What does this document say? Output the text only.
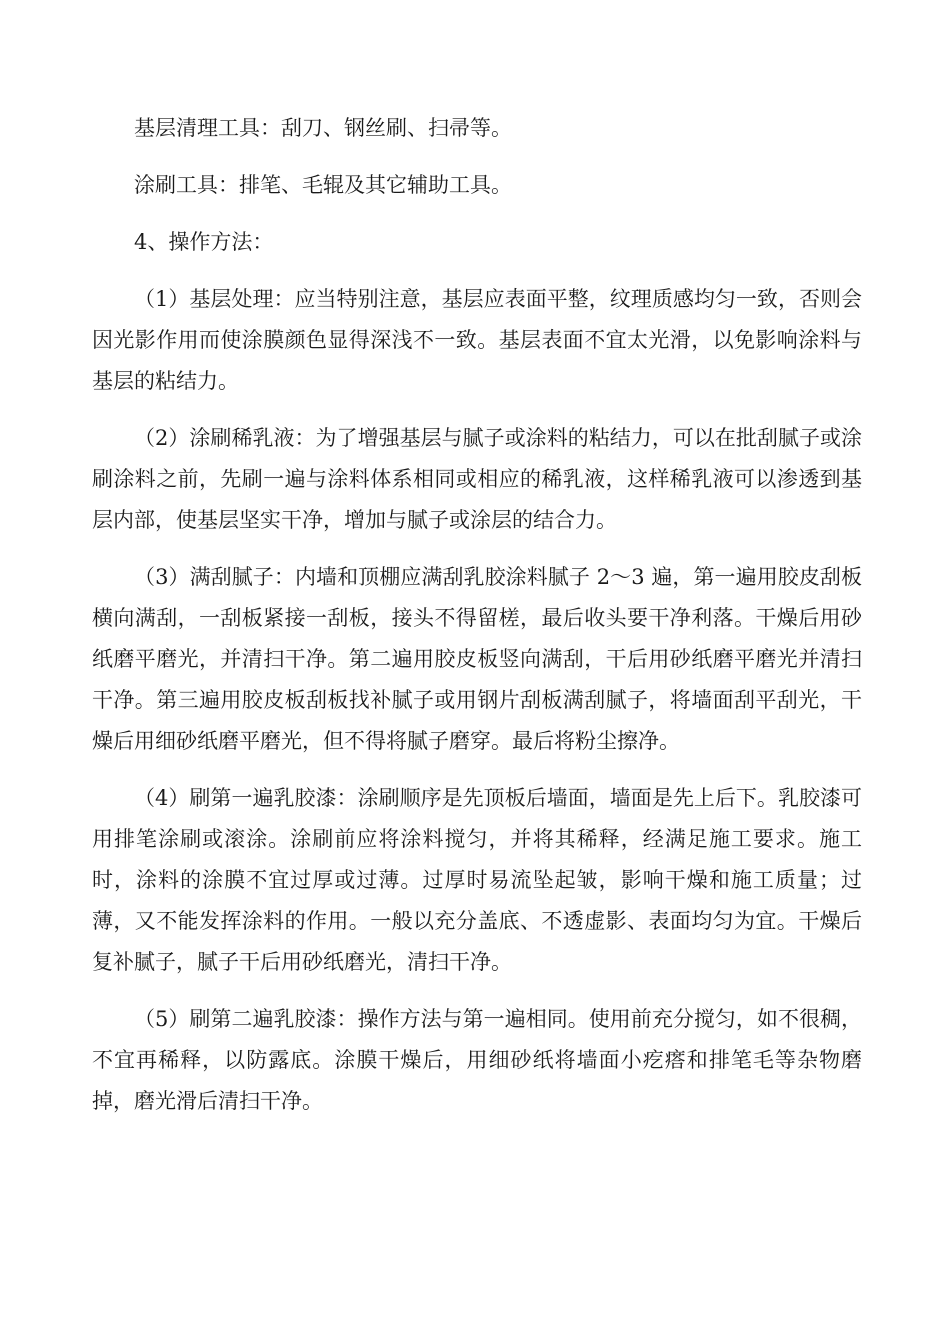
基层清理工具：刮刀、钢丝刷、扫帚等。

涂刷工具：排笔、毛辊及其它辅助工具。

4、操作方法：

（1）基层处理：应当特别注意，基层应表面平整，纹理质感均匀一致，否则会因光影作用而使涂膜颜色显得深浅不一致。基层表面不宜太光滑，以免影响涂料与基层的粘结力。

（2）涂刷稀乳液：为了增强基层与腻子或涂料的粘结力，可以在批刮腻子或涂刷涂料之前，先刷一遍与涂料体系相同或相应的稀乳液，这样稀乳液可以渗透到基层内部，使基层坚实干净，增加与腻子或涂层的结合力。

（3）满刮腻子：内墙和顶棚应满刮乳胶涂料腻子 2～3 遍，第一遍用胶皮刮板横向满刮，一刮板紧接一刮板，接头不得留槎，最后收头要干净利落。干燥后用砂纸磨平磨光，并清扫干净。第二遍用胶皮板竖向满刮，干后用砂纸磨平磨光并清扫干净。第三遍用胶皮板刮板找补腻子或用钢片刮板满刮腻子，将墙面刮平刮光，干燥后用细砂纸磨平磨光，但不得将腻子磨穿。最后将粉尘擦净。

（4）刷第一遍乳胶漆：涂刷顺序是先顶板后墙面，墙面是先上后下。乳胶漆可用排笔涂刷或滚涂。涂刷前应将涂料搅匀，并将其稀释，经满足施工要求。施工时，涂料的涂膜不宜过厚或过薄。过厚时易流坠起皱，影响干燥和施工质量；过薄，又不能发挥涂料的作用。一般以充分盖底、不透虚影、表面均匀为宜。干燥后复补腻子，腻子干后用砂纸磨光，清扫干净。

（5）刷第二遍乳胶漆：操作方法与第一遍相同。使用前充分搅匀，如不很稠，不宜再稀释，以防露底。涂膜干燥后，用细砂纸将墙面小疙瘩和排笔毛等杂物磨掉，磨光滑后清扫干净。
